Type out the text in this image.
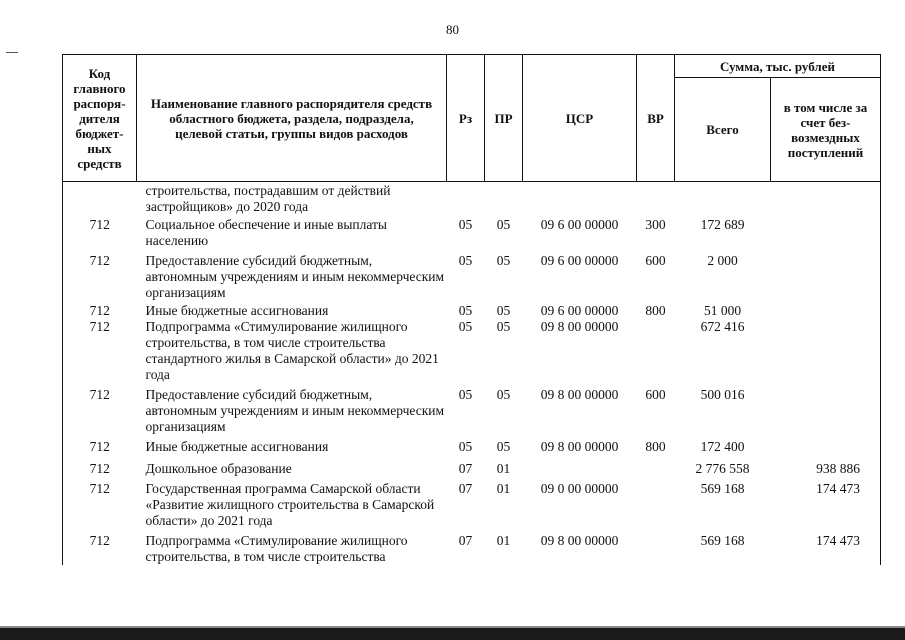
80
Код главного распоря-дителя бюджет-ных средств	Наименование главного распорядителя средств областного бюджета, раздела, подраздела, целевой статьи, группы видов расходов	Рз	ПР	ЦСР	ВР	Сумма, тыс. рублей	
						Всего	в том числе за счет без-возмездных поступлений
	строительства, пострадавшим от действий застройщиков» до 2020 года						
712	Социальное обеспечение и иные выплаты населению	05	05	09 6 00 00000	300	172 689	
712	Предоставление субсидий бюджетным, автономным учреждениям и иным некоммерческим организациям	05	05	09 6 00 00000	600	2 000	
712	Иные бюджетные ассигнования	05	05	09 6 00 00000	800	51 000	
712	Подпрограмма «Стимулирование жилищного строительства, в том числе строительства стандартного жилья в Самарской области» до 2021 года	05	05	09 8 00 00000		672 416	
712	Предоставление субсидий бюджетным, автономным учреждениям и иным некоммерческим организациям	05	05	09 8 00 00000	600	500 016	
712	Иные бюджетные ассигнования	05	05	09 8 00 00000	800	172 400	
712	Дошкольное образование	07	01			2 776 558	938 886
712	Государственная программа Самарской области «Развитие жилищного строительства в Самарской области» до 2021 года	07	01	09 0 00 00000		569 168	174 473
712	Подпрограмма «Стимулирование жилищного строительства, в том числе строительства	07	01	09 8 00 00000		569 168	174 473
